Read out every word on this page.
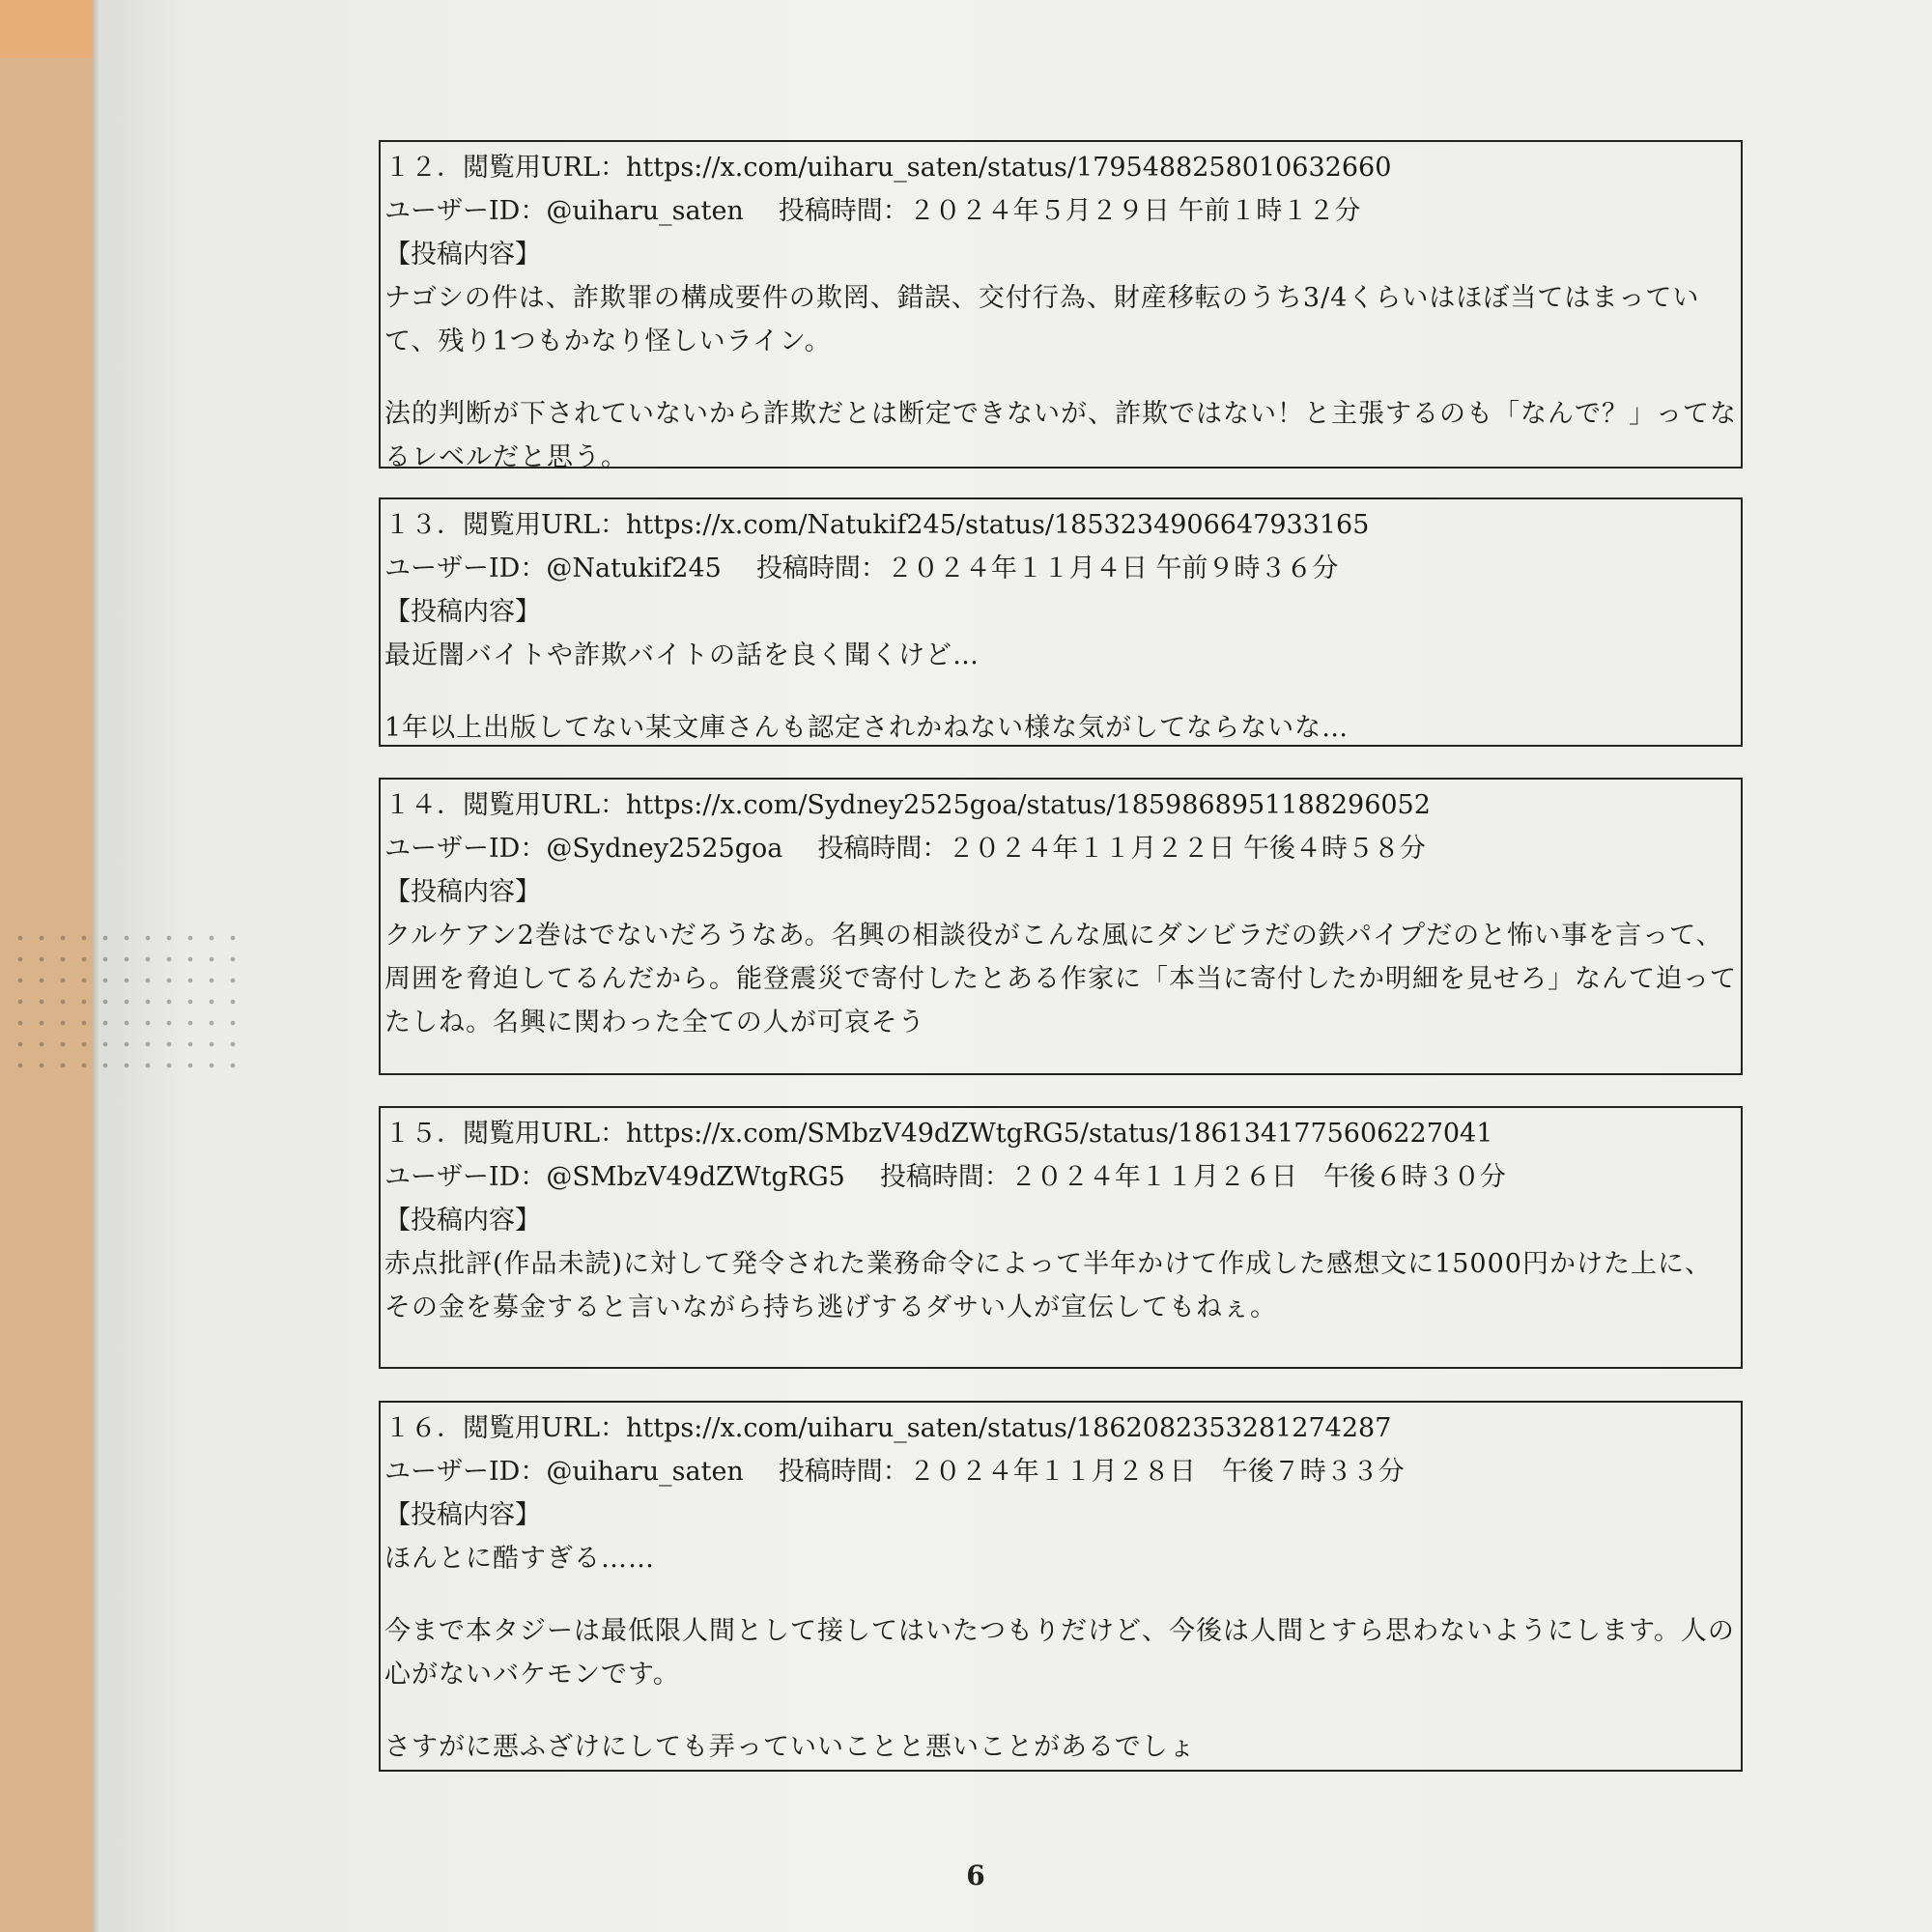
１２．閲覧用URL：https://x.com/uiharu_saten/status/1795488258010632660
ユーザーID：@uiharu_saten 投稿時間：２０２４年５月２９日 午前１時１２分
【投稿内容】
ナゴシの件は、詐欺罪の構成要件の欺罔、錯誤、交付行為、財産移転のうち3/4くらいはほぼ当てはまっていて、残り1つもかなり怪しいライン。
法的判断が下されていないから詐欺だとは断定できないが、詐欺ではない！と主張するのも「なんで？」ってなるレベルだと思う。
１３．閲覧用URL：https://x.com/Natukif245/status/1853234906647933165
ユーザーID：@Natukif245 投稿時間：２０２４年１１月４日 午前９時３６分
【投稿内容】
最近闇バイトや詐欺バイトの話を良く聞くけど…
1年以上出版してない某文庫さんも認定されかねない様な気がしてならないな…
１４．閲覧用URL：https://x.com/Sydney2525goa/status/1859868951188296052
ユーザーID：@Sydney2525goa 投稿時間：２０２４年１１月２２日 午後４時５８分
【投稿内容】
クルケアン2巻はでないだろうなあ。名興の相談役がこんな風にダンビラだの鉄パイプだのと怖い事を言って、周囲を脅迫してるんだから。能登震災で寄付したとある作家に「本当に寄付したか明細を見せろ」なんて迫ってたしね。名興に関わった全ての人が可哀そう
１５．閲覧用URL：https://x.com/SMbzV49dZWtgRG5/status/1861341775606227041
ユーザーID：@SMbzV49dZWtgRG5 投稿時間：２０２４年１１月２６日　午後６時３０分
【投稿内容】
赤点批評(作品未読)に対して発令された業務命令によって半年かけて作成した感想文に15000円かけた上に、その金を募金すると言いながら持ち逃げするダサい人が宣伝してもねぇ。
１６．閲覧用URL：https://x.com/uiharu_saten/status/1862082353281274287
ユーザーID：@uiharu_saten 投稿時間：２０２４年１１月２８日　午後７時３３分
【投稿内容】
ほんとに酷すぎる……
今まで本タジーは最低限人間として接してはいたつもりだけど、今後は人間とすら思わないようにします。人の心がないバケモンです。
さすがに悪ふざけにしても弄っていいことと悪いことがあるでしょ
6
